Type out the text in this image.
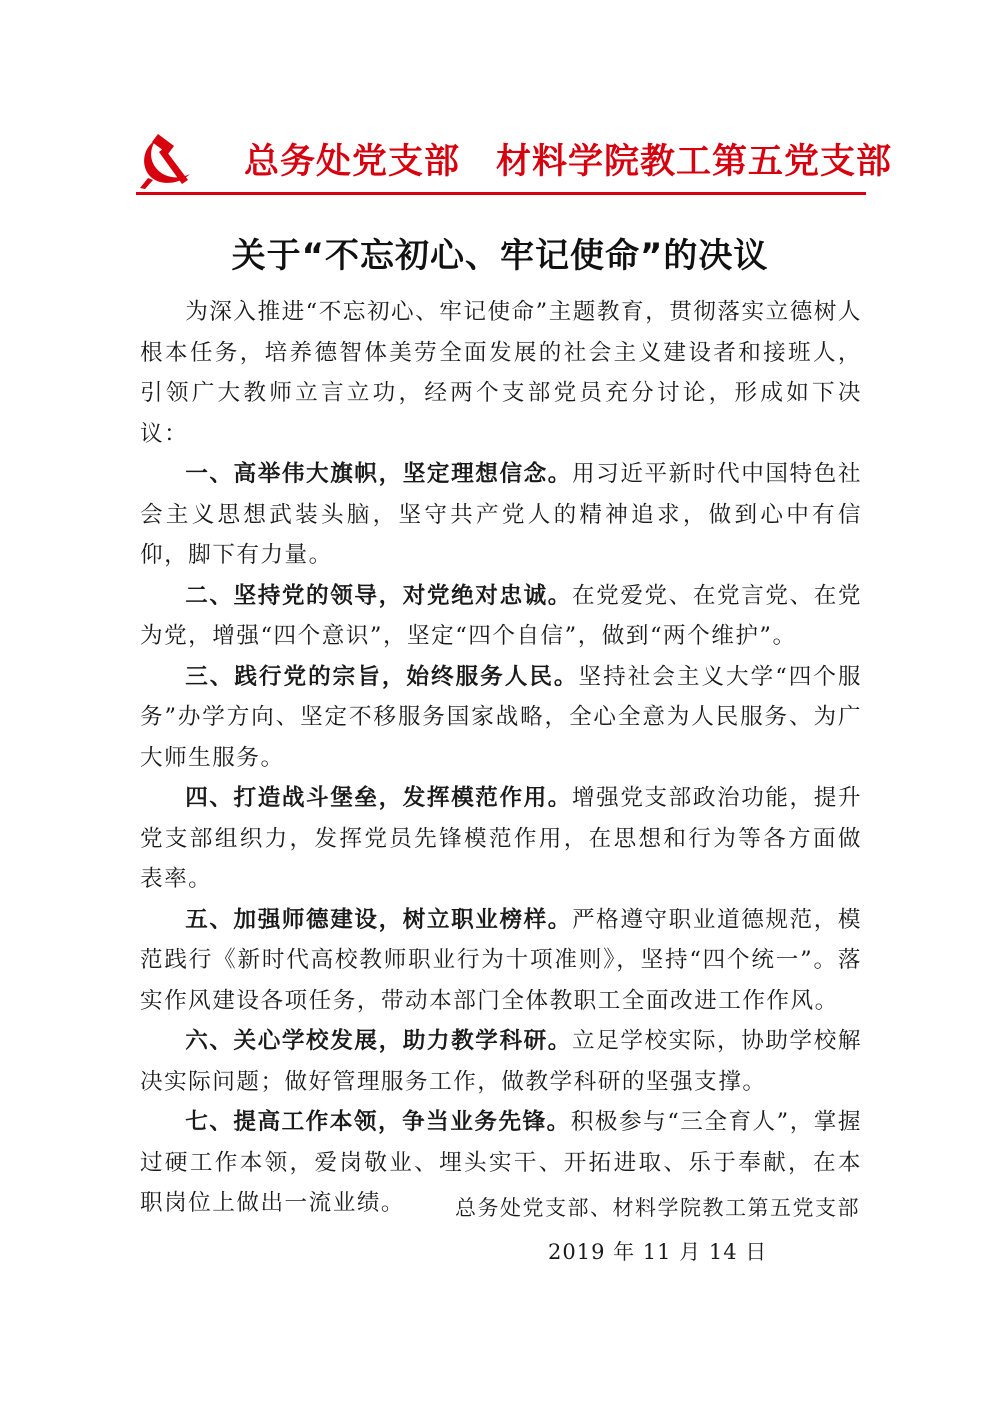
总务处党支部 材料学院教工第五党支部
关于“不忘初心、牢记使命”的决议

为深入推进“不忘初心、牢记使命”主题教育，贯彻落实立德树人根本任务，培养德智体美劳全面发展的社会主义建设者和接班人，引领广大教师立言立功，经两个支部党员充分讨论，形成如下决议：

一、高举伟大旗帜，坚定理想信念。用习近平新时代中国特色社会主义思想武装头脑，坚守共产党人的精神追求，做到心中有信仰，脚下有力量。

二、坚持党的领导，对党绝对忠诚。在党爱党、在党言党、在党为党，增强“四个意识”，坚定“四个自信”，做到“两个维护”。

三、践行党的宗旨，始终服务人民。坚持社会主义大学“四个服务”办学方向、坚定不移服务国家战略，全心全意为人民服务、为广大师生服务。

四、打造战斗堡垒，发挥模范作用。增强党支部政治功能，提升党支部组织力，发挥党员先锋模范作用，在思想和行为等各方面做表率。

五、加强师德建设，树立职业榜样。严格遵守职业道德规范，模范践行《新时代高校教师职业行为十项准则》，坚持“四个统一”。落实作风建设各项任务，带动本部门全体教职工全面改进工作作风。

六、关心学校发展，助力教学科研。立足学校实际，协助学校解决实际问题；做好管理服务工作，做教学科研的坚强支撑。

七、提高工作本领，争当业务先锋。积极参与“三全育人”，掌握过硬工作本领，爱岗敬业、埋头实干、开拓进取、乐于奉献，在本职岗位上做出一流业绩。	总务处党支部、材料学院教工第五党支部
2019 年 11 月 14 日
